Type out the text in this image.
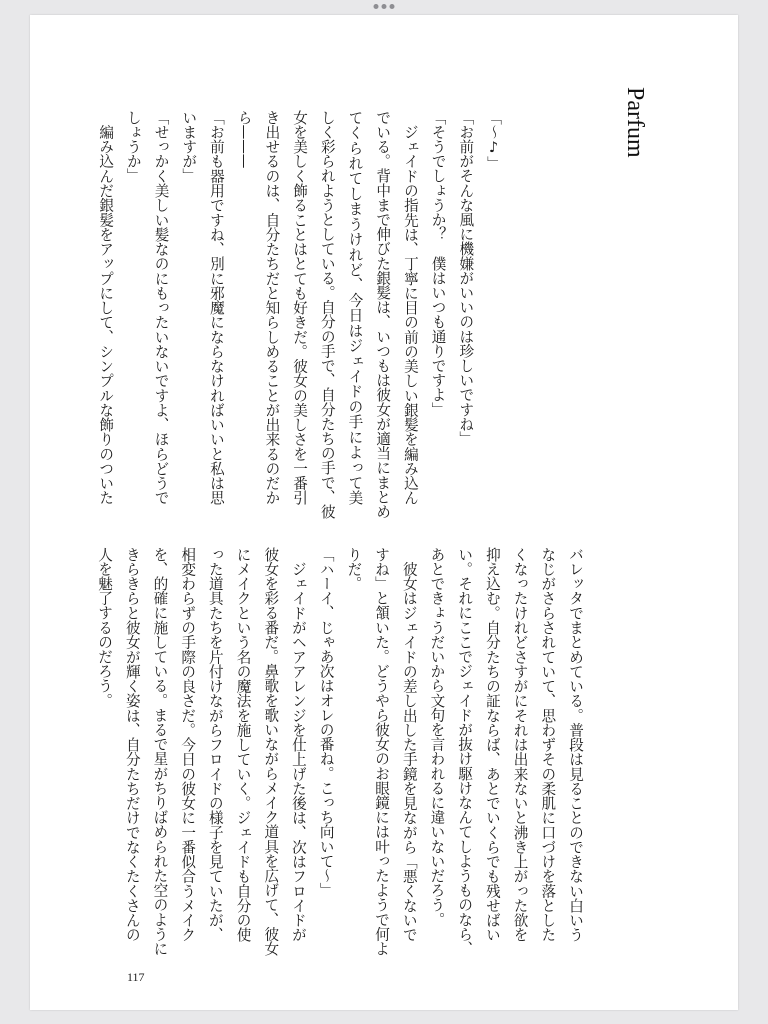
Parfum
「〜♪」
「お前がそんな風に機嫌がいいのは珍しいですね」
「そうでしょうか？　僕はいつも通りですよ」
　ジェイドの指先は、丁寧に目の前の美しい銀髪を編み込ん
でいる。背中まで伸びた銀髪は、いつもは彼女が適当にまとめ
てくられてしまうけれど、今日はジェイドの手によって美
しく彩られようとしている。自分の手で、自分たちの手で、彼
女を美しく飾ることはとても好きだ。彼女の美しさを一番引
き出せるのは、自分たちだと知らしめることが出来るのだか
ら———
「お前も器用ですね、別に邪魔にならなければいいと私は思
いますが」
「せっかく美しい髪なのにもったいないですよ、ほらどうで
しょうか」
　編み込んだ銀髪をアップにして、シンプルな飾りのついた
バレッタでまとめている。普段は見ることのできない白いう
なじがさらされていて、思わずその柔肌に口づけを落とした
くなったけれどさすがにそれは出来ないと沸き上がった欲を
抑え込む。自分たちの証ならば、あとでいくらでも残せばい
い。それにここでジェイドが抜け駆けなんてしようものなら、
あとできょうだいから文句を言われるに違いないだろう。
　彼女はジェイドの差し出した手鏡を見ながら「悪くないで
すね」と頷いた。どうやら彼女のお眼鏡には叶ったようで何よ
りだ。
「ハーイ、じゃあ次はオレの番ね。こっち向いて〜」
　ジェイドがヘアアレンジを仕上げた後は、次はフロイドが
彼女を彩る番だ。鼻歌を歌いながらメイク道具を広げて、彼女
にメイクという名の魔法を施していく。ジェイドも自分の使
った道具たちを片付けながらフロイドの様子を見ていたが、
相変わらずの手際の良さだ。今日の彼女に一番似合うメイク
を、的確に施している。まるで星がちりばめられた空のように
きらきらと彼女が輝く姿は、自分たちだけでなくたくさんの
人を魅了するのだろう。
117
